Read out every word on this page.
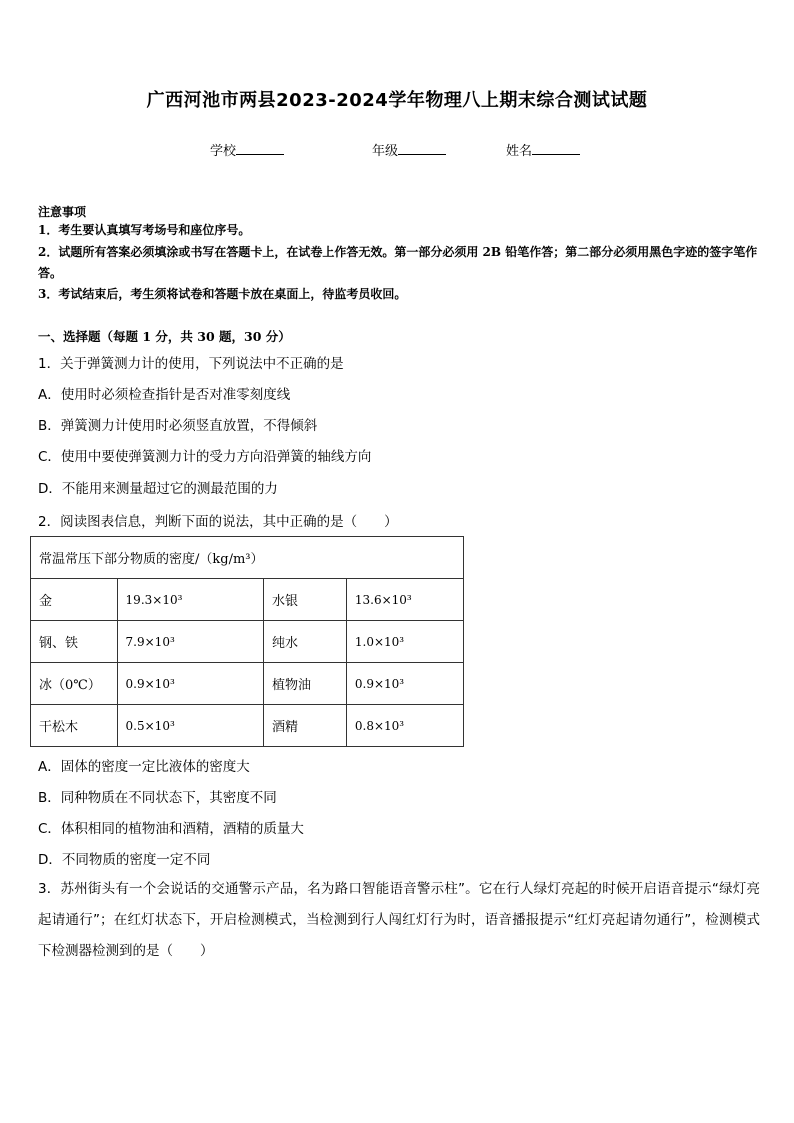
广西河池市两县2023-2024学年物理八上期末综合测试试题
学校	年级	姓名
注意事项
1．考生要认真填写考场号和座位序号。
2．试题所有答案必须填涂或书写在答题卡上，在试卷上作答无效。第一部分必须用 2B 铅笔作答；第二部分必须用黑色字迹的签字笔作答。
3．考试结束后，考生须将试卷和答题卡放在桌面上，待监考员收回。
一、选择题（每题 1 分，共 30 题，30 分）
1．关于弹簧测力计的使用，下列说法中不正确的是
A．使用时必须检查指针是否对准零刻度线
B．弹簧测力计使用时必须竖直放置，不得倾斜
C．使用中要使弹簧测力计的受力方向沿弹簧的轴线方向
D．不能用来测量超过它的测最范围的力
2．阅读图表信息，判断下面的说法，其中正确的是（　　）
常温常压下部分物质的密度/（kg/m³）			
金	19.3×10³	水银	13.6×10³
钢、铁	7.9×10³	纯水	1.0×10³
冰（0℃）	0.9×10³	植物油	0.9×10³
干松木	0.5×10³	酒精	0.8×10³
A．固体的密度一定比液体的密度大
B．同种物质在不同状态下，其密度不同
C．体积相同的植物油和酒精，酒精的质量大
D．不同物质的密度一定不同
3．苏州街头有一个会说话的交通警示产品，名为路口智能语音警示柱”。它在行人绿灯亮起的时候开启语音提示“绿灯亮起请通行”；在红灯状态下，开启检测模式，当检测到行人闯红灯行为时，语音播报提示“红灯亮起请勿通行”，检测模式下检测器检测到的是（　　）
